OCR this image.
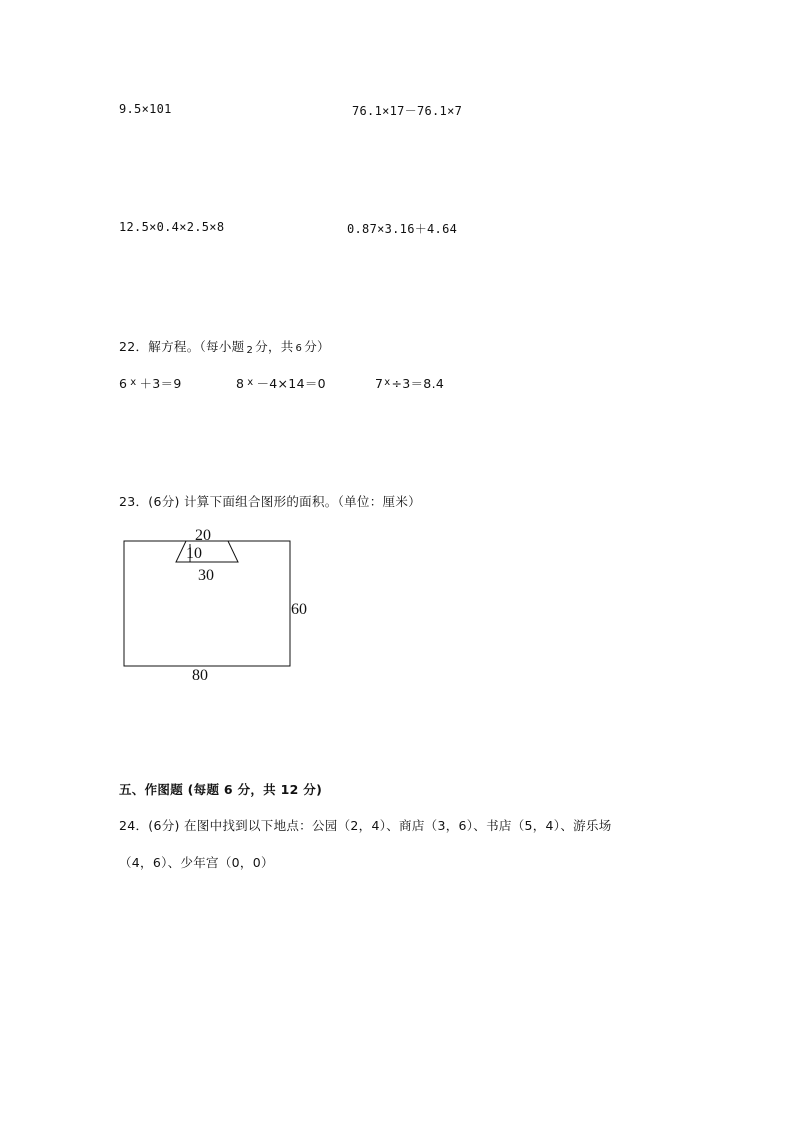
9.5×101	76.1×17－76.1×7
12.5×0.4×2.5×8	0.87×3.16＋4.64
22．解方程。（每小题 2 分，共 6 分）
6 $^x$ ＋3＝9	8 $^x$ －4×14＝0	$7^x\div 3=8.4$
23．(6分) 计算下面组合图形的面积。（单位：厘米）
20
10
30
60
80
五、作图题 (每题 6 分，共 12 分)
24．(6分) 在图中找到以下地点：公园（2，4）、商店（3，6）、书店（5，4）、游乐场
（4，6）、少年宫（0，0）
